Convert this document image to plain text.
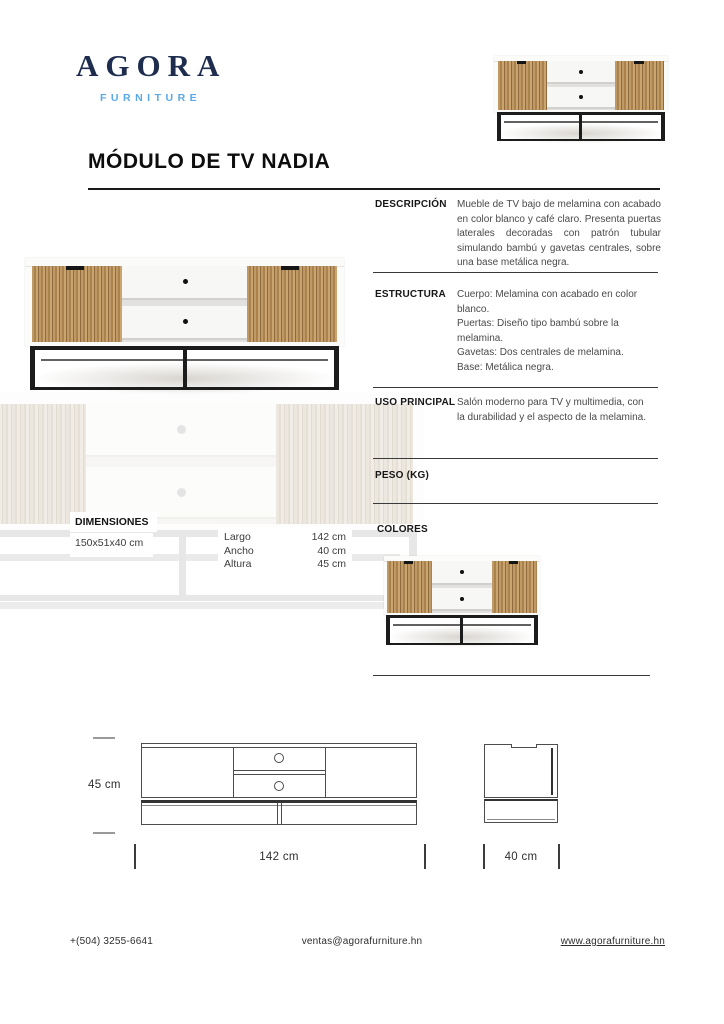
AGORA
FURNITURE
MÓDULO DE TV NADIA
DESCRIPCIÓN Mueble de TV bajo de melamina con acabado en color blanco y café claro. Presenta puertas laterales decoradas con patrón tubular simulando bambú y gavetas centrales, sobre una base metálica negra.
ESTRUCTURA Cuerpo: Melamina con acabado en color blanco.
Puertas: Diseño tipo bambú sobre la melamina.
Gavetas: Dos centrales de melamina.
Base: Metálica negra.
USO PRINCIPAL Salón moderno para TV y multimedia, con la durabilidad y el aspecto de la melamina.
PESO (KG)
COLORES
DIMENSIONES
150x51x40 cm	Largo	142 cm
Ancho	40 cm
Altura	45 cm
45 cm
142 cm	40 cm
+(504) 3255-6641	ventas@agorafurniture.hn	www.agorafurniture.hn
